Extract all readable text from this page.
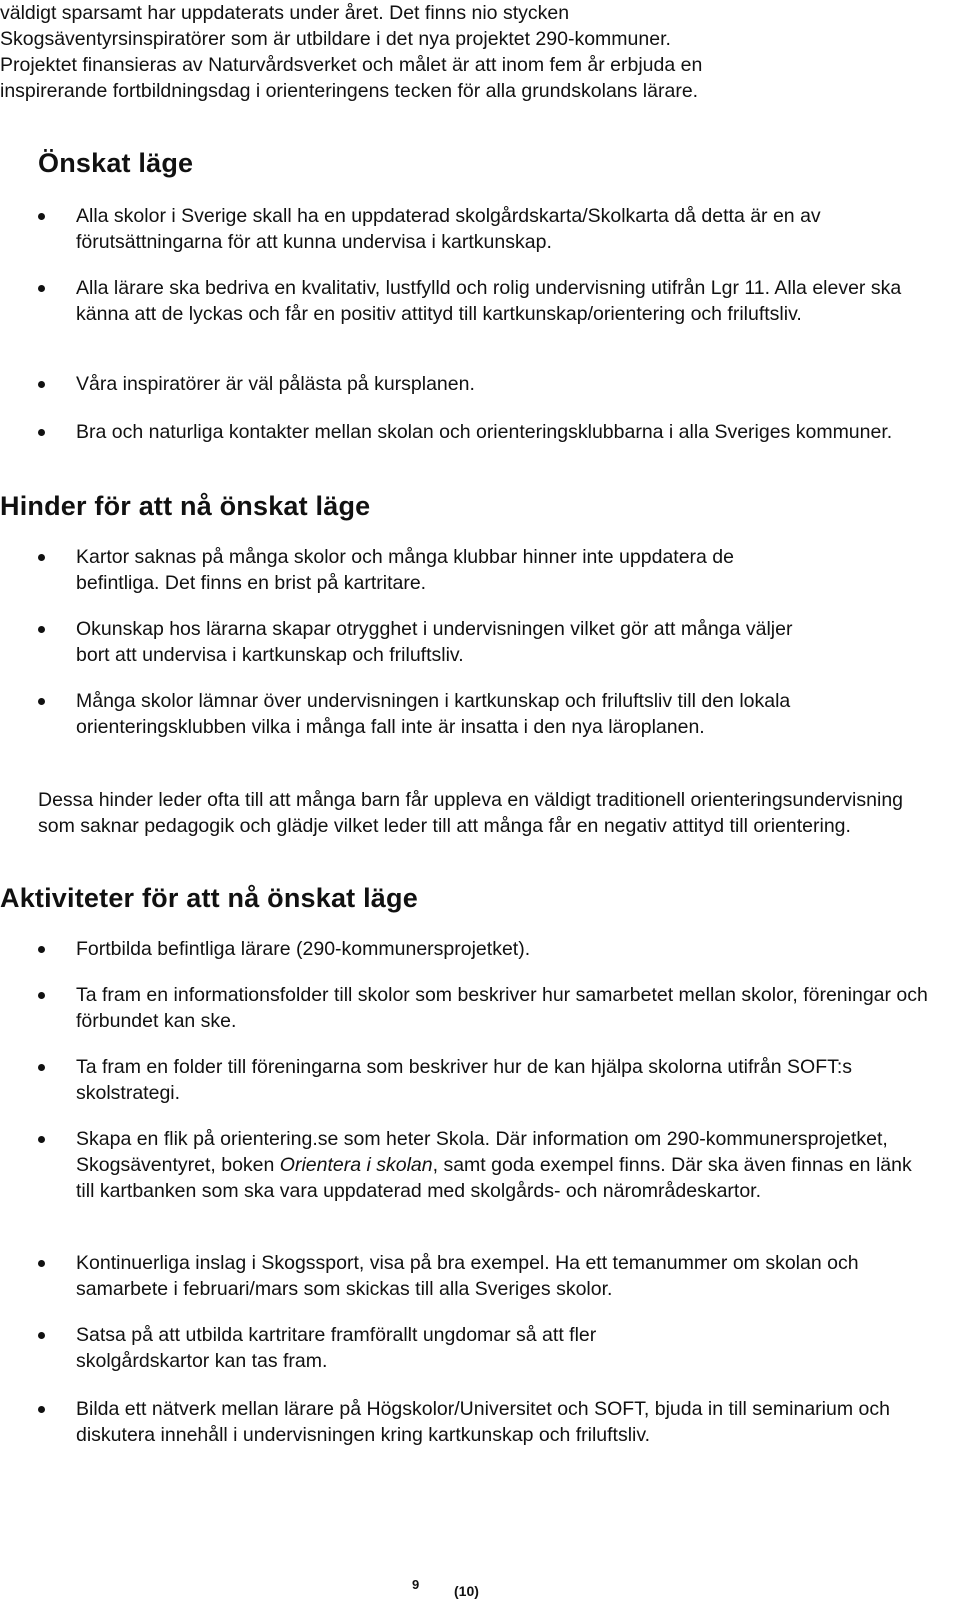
väldigt sparsamt har uppdaterats under året. Det finns nio stycken

Skogsäventyrsinspiratörer som är utbildare i det nya projektet 290-kommuner.

Projektet finansieras av Naturvårdsverket och målet är att inom fem år erbjuda en

inspirerande fortbildningsdag i orienteringens tecken för alla grundskolans lärare.

Önskat läge
Alla skolor i Sverige skall ha en uppdaterad skolgårdskarta/Skolkarta då detta är en av förutsättningarna för att kunna undervisa i kartkunskap.
Alla lärare ska bedriva en kvalitativ, lustfylld och rolig undervisning utifrån Lgr 11. Alla elever ska känna att de lyckas och får en positiv attityd till kartkunskap/orientering och friluftsliv.
Våra inspiratörer är väl pålästa på kursplanen.
Bra och naturliga kontakter mellan skolan och orienteringsklubbarna i alla Sveriges kommuner.
Hinder för att nå önskat läge
Kartor saknas på många skolor och många klubbar hinner inte uppdatera de befintliga. Det finns en brist på kartritare.
Okunskap hos lärarna skapar otrygghet i undervisningen vilket gör att många väljer bort att undervisa i kartkunskap och friluftsliv.
Många skolor lämnar över undervisningen i kartkunskap och friluftsliv till den lokala orienteringsklubben vilka i många fall inte är insatta i den nya läroplanen.

Dessa hinder leder ofta till att många barn får uppleva en väldigt traditionell orienteringsundervisning som saknar pedagogik och glädje vilket leder till att många får en negativ attityd till orientering.

Aktiviteter för att nå önskat läge
Fortbilda befintliga lärare (290-kommunersprojetket).
Ta fram en informationsfolder till skolor som beskriver hur samarbetet mellan skolor, föreningar och förbundet kan ske.
Ta fram en folder till föreningarna som beskriver hur de kan hjälpa skolorna utifrån SOFT:s skolstrategi.
Skapa en flik på orientering.se som heter Skola. Där information om 290-kommunersprojetket, Skogsäventyret, boken Orientera i skolan, samt goda exempel finns. Där ska även finnas en länk till kartbanken som ska vara uppdaterad med skolgårds- och närområdeskartor.
Kontinuerliga inslag i Skogssport, visa på bra exempel. Ha ett temanummer om skolan och samarbete i februari/mars som skickas till alla Sveriges skolor.
Satsa på att utbilda kartritare framförallt ungdomar så att fler skolgårdskartor kan tas fram.
Bilda ett nätverk mellan lärare på Högskolor/Universitet och SOFT, bjuda in till seminarium och diskutera innehåll i undervisningen kring kartkunskap och friluftsliv.
9 (10)
